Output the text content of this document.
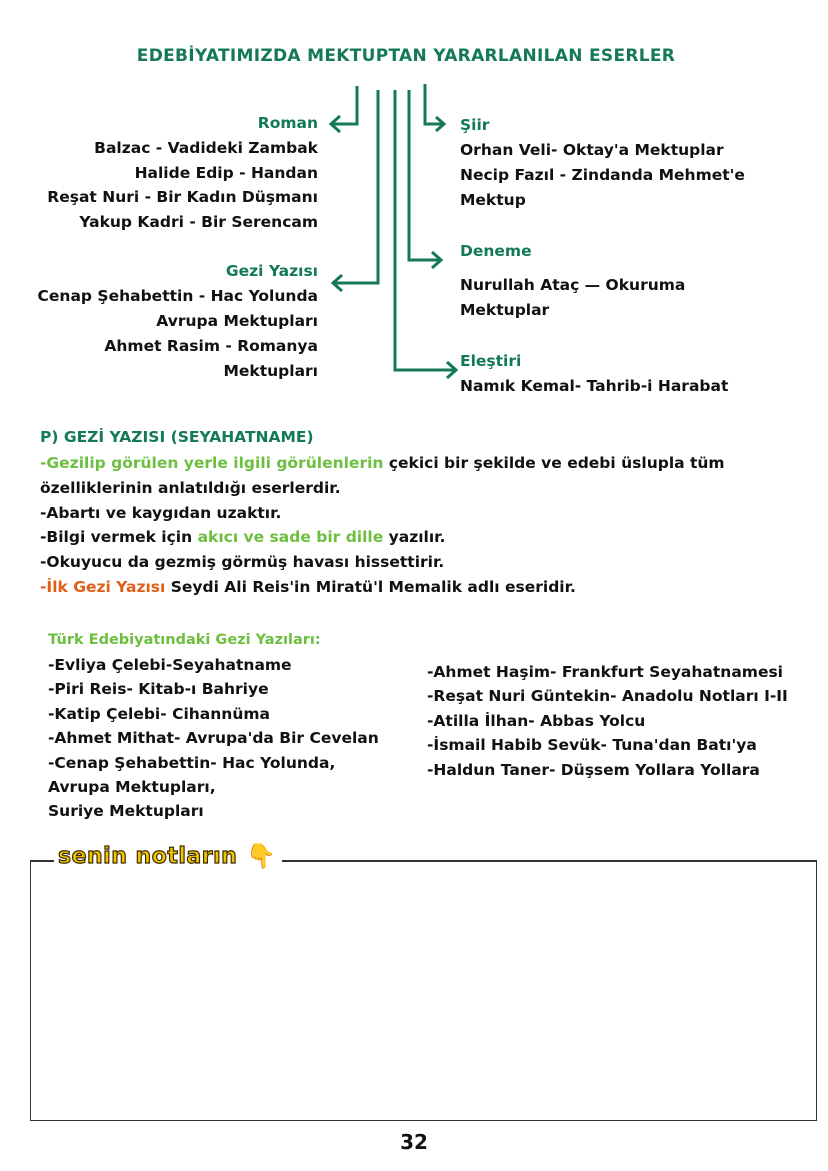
EDEBİYATIMIZDA MEKTUPTAN YARARLANILAN ESERLER
Roman
Balzac - Vadideki Zambak
Halide Edip - Handan
Reşat Nuri - Bir Kadın Düşmanı
Yakup Kadri - Bir Serencam
Gezi Yazısı
Cenap Şehabettin - Hac Yolunda
Avrupa Mektupları
Ahmet Rasim - Romanya
Mektupları
Şiir
Orhan Veli- Oktay'a Mektuplar
Necip Fazıl - Zindanda Mehmet'e
Mektup
Deneme
Nurullah Ataç — Okuruma
Mektuplar
Eleştiri
Namık Kemal- Tahrib-i Harabat
P) GEZİ YAZISI (SEYAHATNAME)
-Gezilip görülen yerle ilgili görülenlerin çekici bir şekilde ve edebi üslupla tüm
özelliklerinin anlatıldığı eserlerdir.
-Abartı ve kaygıdan uzaktır.
-Bilgi vermek için akıcı ve sade bir dille yazılır.
-Okuyucu da gezmiş görmüş havası hissettirir.
-İlk Gezi Yazısı Seydi Ali Reis'in Miratü'l Memalik adlı eseridir.
Türk Edebiyatındaki Gezi Yazıları:
-Evliya Çelebi-Seyahatname
-Piri Reis- Kitab-ı Bahriye
-Katip Çelebi- Cihannüma
-Ahmet Mithat- Avrupa'da Bir Cevelan
-Cenap Şehabettin- Hac Yolunda,
Avrupa Mektupları,
Suriye Mektupları
-Ahmet Haşim- Frankfurt Seyahatnamesi
-Reşat Nuri Güntekin- Anadolu Notları I-II
-Atilla İlhan- Abbas Yolcu
-İsmail Habib Sevük- Tuna'dan Batı'ya
-Haldun Taner- Düşsem Yollara Yollara
senin notların 👇
32
